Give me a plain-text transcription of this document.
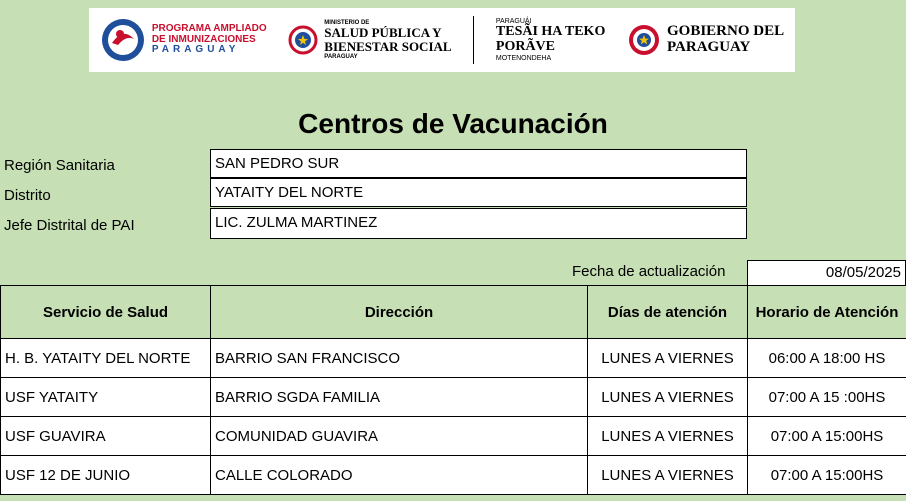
PROGRAMA AMPLIADO
DE INMUNIZACIONES
PARAGUAY
MINISTERIO DE
SALUD PÚBLICA Y
BIENESTAR SOCIAL
PARAGUAY
PARAGUÁI
TESÃI HA TEKO
PORÃVE
MOTENONDEHA
GOBIERNO DEL
PARAGUAY
Centros de Vacunación
Región Sanitaria	SAN PEDRO SUR
Distrito	YATAITY DEL NORTE
Jefe Distrital de PAI	LIC. ZULMA MARTINEZ
Fecha de actualización	08/05/2025
Servicio de Salud	Dirección	Días de atención	Horario de Atención
H. B. YATAITY DEL NORTE	BARRIO SAN FRANCISCO	LUNES A VIERNES	06:00 A 18:00 HS
USF YATAITY	BARRIO SGDA FAMILIA	LUNES A VIERNES	07:00 A 15 :00HS
USF GUAVIRA	COMUNIDAD GUAVIRA	LUNES A VIERNES	07:00 A 15:00HS
USF 12 DE JUNIO	CALLE COLORADO	LUNES A VIERNES	07:00 A 15:00HS
